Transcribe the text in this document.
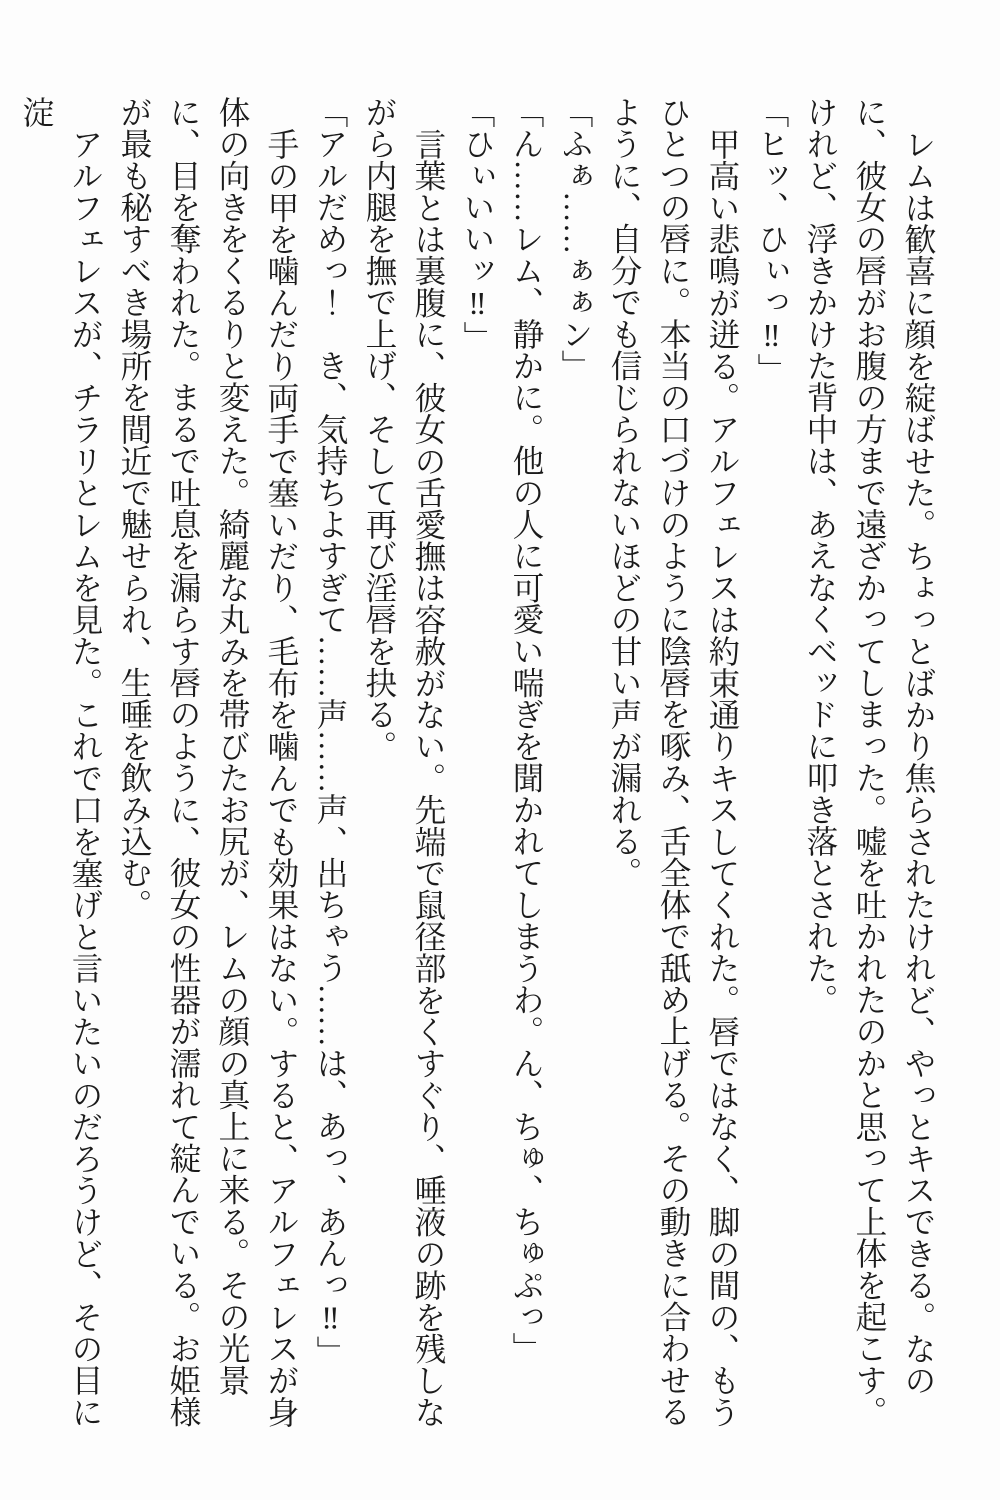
レムは歓喜に顔を綻ばせた。ちょっとばかり焦らされたけれど、やっとキスできる。なのに、彼女の唇がお腹の方まで遠ざかってしまった。嘘を吐かれたのかと思って上体を起こす。けれど、浮きかけた背中は、あえなくベッドに叩き落とされた。

「ヒッ、ひぃっ‼」

甲高い悲鳴が迸る。アルフェレスは約束通りキスしてくれた。唇ではなく、脚の間の、もうひとつの唇に。本当の口づけのように陰唇を啄み、舌全体で舐め上げる。その動きに合わせるように、自分でも信じられないほどの甘い声が漏れる。

「ふぁ……ぁぁン」

「ん……レム、静かに。他の人に可愛い喘ぎを聞かれてしまうわ。ん、ちゅ、ちゅぷっ」

「ひぃいいッ‼」

言葉とは裏腹に、彼女の舌愛撫は容赦がない。先端で鼠径部をくすぐり、唾液の跡を残しながら内腿を撫で上げ、そして再び淫唇を抉る。

「アルだめっ！　き、気持ちよすぎて……声……声、出ちゃう……は、あっ、あんっ‼」

手の甲を噛んだり両手で塞いだり、毛布を噛んでも効果はない。すると、アルフェレスが身体の向きをくるりと変えた。綺麗な丸みを帯びたお尻が、レムの顔の真上に来る。その光景に、目を奪われた。まるで吐息を漏らす唇のように、彼女の性器が濡れて綻んでいる。お姫様が最も秘すべき場所を間近で魅せられ、生唾を飲み込む。

アルフェレスが、チラリとレムを見た。これで口を塞げと言いたいのだろうけど、その目に淀
